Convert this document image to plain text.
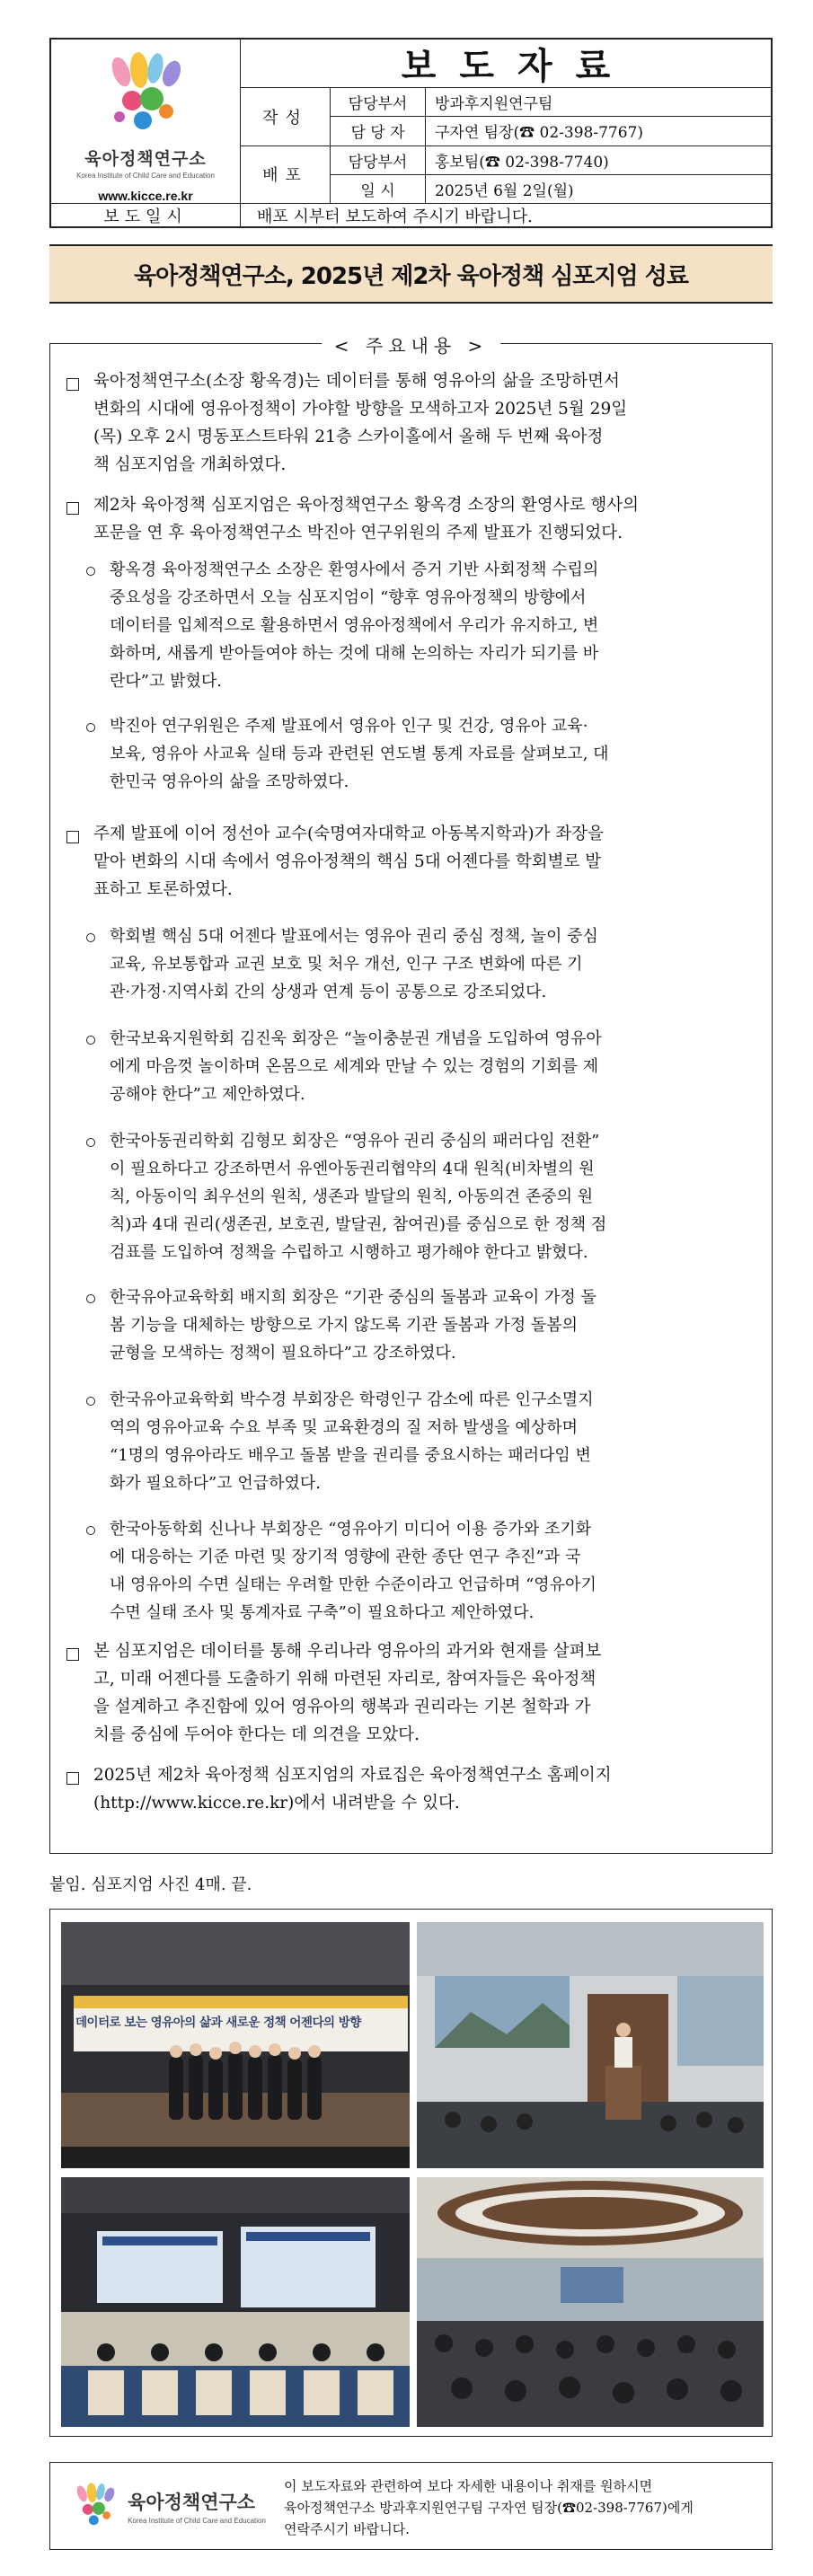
육아정책연구소
Korea Institute of Child Care and Education
www.kicce.re.kr
보도자료
작성
배포
담당부서	방과후지원연구팀
담 당 자	구자연 팀장(☎ 02-398-7767)
담당부서	홍보팀(☎ 02-398-7740)
일 시	2025년 6월 2일(월)
보도일시	배포 시부터 보도하여 주시기 바랍니다.
육아정책연구소, 2025년 제2차 육아정책 심포지엄 성료
< 주요내용 >
육아정책연구소(소장 황옥경)는 데이터를 통해 영유아의 삶을 조망하면서
변화의 시대에 영유아정책이 가야할 방향을 모색하고자 2025년 5월 29일
(목) 오후 2시 명동포스트타워 21층 스카이홀에서 올해 두 번째 육아정
책 심포지엄을 개최하였다.
제2차 육아정책 심포지엄은 육아정책연구소 황옥경 소장의 환영사로 행사의
포문을 연 후 육아정책연구소 박진아 연구위원의 주제 발표가 진행되었다.
황옥경 육아정책연구소 소장은 환영사에서 증거 기반 사회정책 수립의
중요성을 강조하면서 오늘 심포지엄이 “향후 영유아정책의 방향에서
데이터를 입체적으로 활용하면서 영유아정책에서 우리가 유지하고, 변
화하며, 새롭게 받아들여야 하는 것에 대해 논의하는 자리가 되기를 바
란다”고 밝혔다.
박진아 연구위원은 주제 발표에서 영유아 인구 및 건강, 영유아 교육·
보육, 영유아 사교육 실태 등과 관련된 연도별 통계 자료를 살펴보고, 대
한민국 영유아의 삶을 조망하였다.
주제 발표에 이어 정선아 교수(숙명여자대학교 아동복지학과)가 좌장을
맡아 변화의 시대 속에서 영유아정책의 핵심 5대 어젠다를 학회별로 발
표하고 토론하였다.
학회별 핵심 5대 어젠다 발표에서는 영유아 권리 중심 정책, 놀이 중심
교육, 유보통합과 교권 보호 및 처우 개선, 인구 구조 변화에 따른 기
관·가정·지역사회 간의 상생과 연계 등이 공통으로 강조되었다.
한국보육지원학회 김진욱 회장은 “놀이충분권 개념을 도입하여 영유아
에게 마음껏 놀이하며 온몸으로 세계와 만날 수 있는 경험의 기회를 제
공해야 한다”고 제안하였다.
한국아동권리학회 김형모 회장은 “영유아 권리 중심의 패러다임 전환”
이 필요하다고 강조하면서 유엔아동권리협약의 4대 원칙(비차별의 원
칙, 아동이익 최우선의 원칙, 생존과 발달의 원칙, 아동의견 존중의 원
칙)과 4대 권리(생존권, 보호권, 발달권, 참여권)를 중심으로 한 정책 점
검표를 도입하여 정책을 수립하고 시행하고 평가해야 한다고 밝혔다.
한국유아교육학회 배지희 회장은 “기관 중심의 돌봄과 교육이 가정 돌
봄 기능을 대체하는 방향으로 가지 않도록 기관 돌봄과 가정 돌봄의
균형을 모색하는 정책이 필요하다”고 강조하였다.
한국유아교육학회 박수경 부회장은 학령인구 감소에 따른 인구소멸지
역의 영유아교육 수요 부족 및 교육환경의 질 저하 발생을 예상하며
“1명의 영유아라도 배우고 돌봄 받을 권리를 중요시하는 패러다임 변
화가 필요하다”고 언급하였다.
한국아동학회 신나나 부회장은 “영유아기 미디어 이용 증가와 조기화
에 대응하는 기준 마련 및 장기적 영향에 관한 종단 연구 추진”과 국
내 영유아의 수면 실태는 우려할 만한 수준이라고 언급하며 “영유아기
수면 실태 조사 및 통계자료 구축”이 필요하다고 제안하였다.
본 심포지엄은 데이터를 통해 우리나라 영유아의 과거와 현재를 살펴보
고, 미래 어젠다를 도출하기 위해 마련된 자리로, 참여자들은 육아정책
을 설계하고 추진함에 있어 영유아의 행복과 권리라는 기본 철학과 가
치를 중심에 두어야 한다는 데 의견을 모았다.
2025년 제2차 육아정책 심포지엄의 자료집은 육아정책연구소 홈페이지
(http://www.kicce.re.kr)에서 내려받을 수 있다.
붙임. 심포지엄 사진 4매. 끝.
데이터로 보는 영유아의 삶과 새로운 정책 어젠다의 방향
육아정책연구소
Korea Institute of Child Care and Education
이 보도자료와 관련하여 보다 자세한 내용이나 취재를 원하시면
육아정책연구소 방과후지원연구팀 구자연 팀장(☎02-398-7767)에게
연락주시기 바랍니다.
